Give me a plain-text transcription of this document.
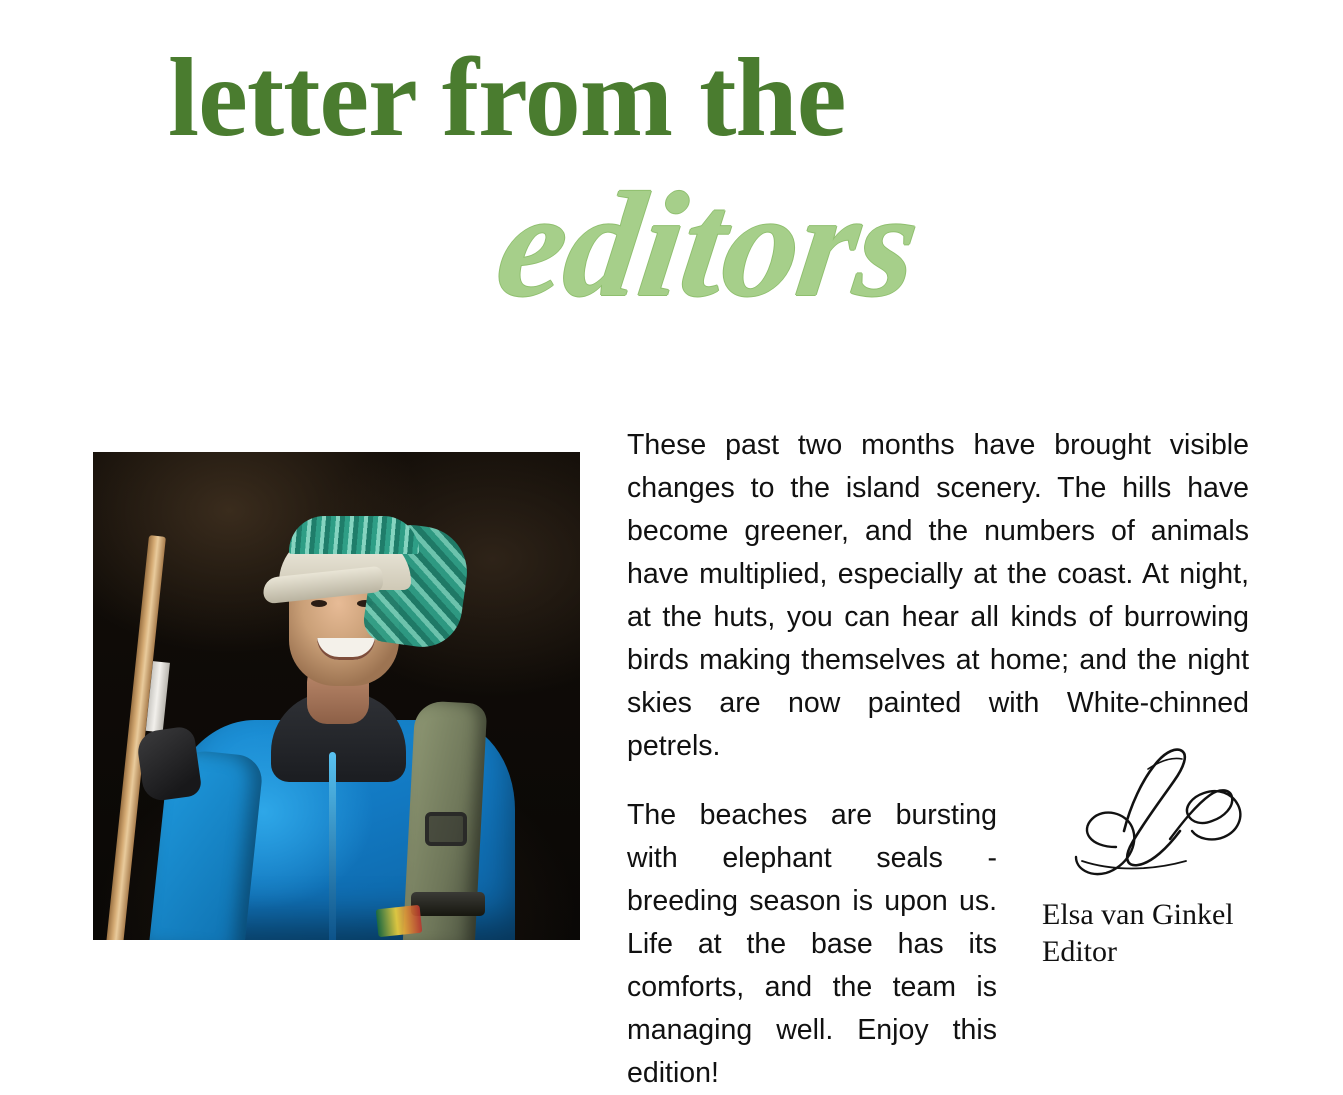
letter from the
editors

These past two months have brought visible changes to the island scenery. The hills have become greener, and the numbers of animals have multiplied, especially at the coast. At night, at the huts, you can hear all kinds of burrowing birds making themselves at home; and the night skies are now painted with White-chinned petrels.

The beaches are bursting with elephant seals - breeding season is upon us. Life at the base has its comforts, and the team is managing well. Enjoy this edition!

Elsa van Ginkel
Editor
